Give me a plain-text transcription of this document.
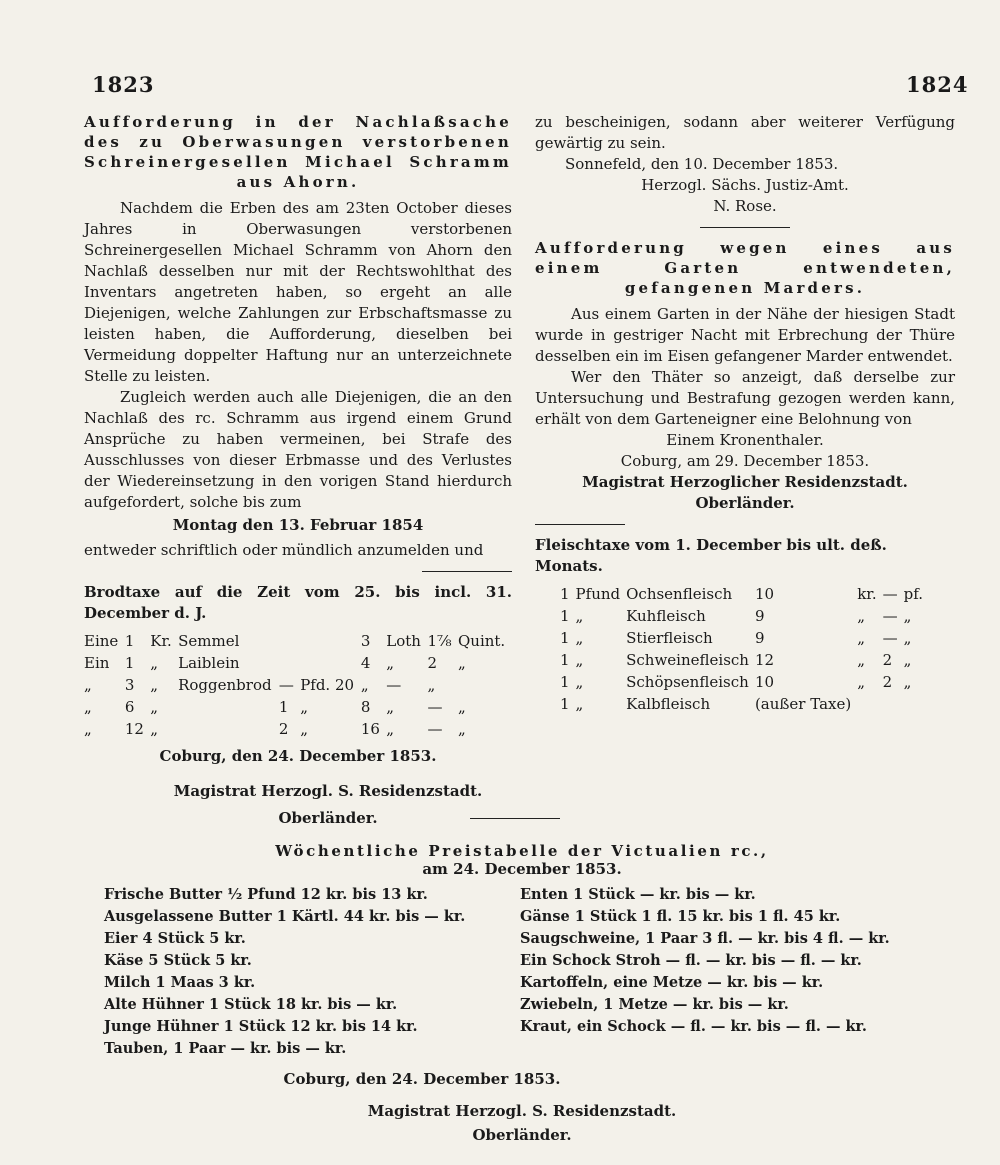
1823	1824
Aufforderung in der Nachlaßsache des zu Oberwasungen verstorbenen Schreinergesellen Michael Schramm aus Ahorn.

Nachdem die Erben des am 23ten October dieses Jahres in Oberwasungen verstorbenen Schreinergesellen Michael Schramm von Ahorn den Nachlaß desselben nur mit der Rechtswohlthat des Inventars angetreten haben, so ergeht an alle Diejenigen, welche Zahlungen zur Erbschaftsmasse zu leisten haben, die Aufforderung, dieselben bei Vermeidung doppelter Haftung nur an unterzeichnete Stelle zu leisten.

Zugleich werden auch alle Diejenigen, die an den Nachlaß des rc. Schramm aus irgend einem Grund Ansprüche zu haben vermeinen, bei Strafe des Ausschlusses von dieser Erbmasse und des Verlustes der Wiedereinsetzung in den vorigen Stand hierdurch aufgefordert, solche bis zum

Montag den 13. Februar 1854

entweder schriftlich oder mündlich anzumelden und

Brodtaxe auf die Zeit vom 25. bis incl. 31. December d. J.
Eine	1	Kr.	Semmel			3	Loth	1⅞	Quint.
Ein	1	„	Laiblein			4	„	2	„
„	3	„	Roggenbrod	—	Pfd. 20	„	—	„	
„	6	„		1	„	8	„	—	„
„	12	„		2	„	16	„	—	„
Coburg, den 24. December 1853.
Magistrat Herzogl. S. Residenzstadt.
Oberländer.

zu bescheinigen, sodann aber weiterer Verfügung gewärtig zu sein.

Sonnefeld, den 10. December 1853.
Herzogl. Sächs. Justiz-Amt.
N. Rose.
Aufforderung wegen eines aus einem Garten entwendeten, gefangenen Marders.

Aus einem Garten in der Nähe der hiesigen Stadt wurde in gestriger Nacht mit Erbrechung der Thüre desselben ein im Eisen gefangener Marder entwendet.

Wer den Thäter so anzeigt, daß derselbe zur Untersuchung und Bestrafung gezogen werden kann, erhält von dem Garteneigner eine Belohnung von

Einem Kronenthaler.
Coburg, am 29. December 1853.
Magistrat Herzoglicher Residenzstadt.
Oberländer.
Fleischtaxe vom 1. December bis ult. deß. Monats.
1	Pfund	Ochsenfleisch	10	kr.	—	pf.
1	„	Kuhfleisch	9	„	—	„
1	„	Stierfleisch	9	„	—	„
1	„	Schweinefleisch	12	„	2	„
1	„	Schöpsenfleisch	10	„	2	„
1	„	Kalbfleisch	(außer Taxe)			
Wöchentliche Preistabelle der Victualien rc.,
am 24. December 1853.
Frische Butter ½ Pfund 12 kr. bis 13 kr.
Ausgelassene Butter 1 Kärtl. 44 kr. bis — kr.
Eier 4 Stück 5 kr.
Käse 5 Stück 5 kr.
Milch 1 Maas 3 kr.
Alte Hühner 1 Stück 18 kr. bis — kr.
Junge Hühner 1 Stück 12 kr. bis 14 kr.
Tauben, 1 Paar — kr. bis — kr.
Enten 1 Stück — kr. bis — kr.
Gänse 1 Stück 1 fl. 15 kr. bis 1 fl. 45 kr.
Saugschweine, 1 Paar 3 fl. — kr. bis 4 fl. — kr.
Ein Schock Stroh — fl. — kr. bis — fl. — kr.
Kartoffeln, eine Metze — kr. bis — kr.
Zwiebeln, 1 Metze — kr. bis — kr.
Kraut, ein Schock — fl. — kr. bis — fl. — kr.
Coburg, den 24. December 1853.
Magistrat Herzogl. S. Residenzstadt.
Oberländer.
